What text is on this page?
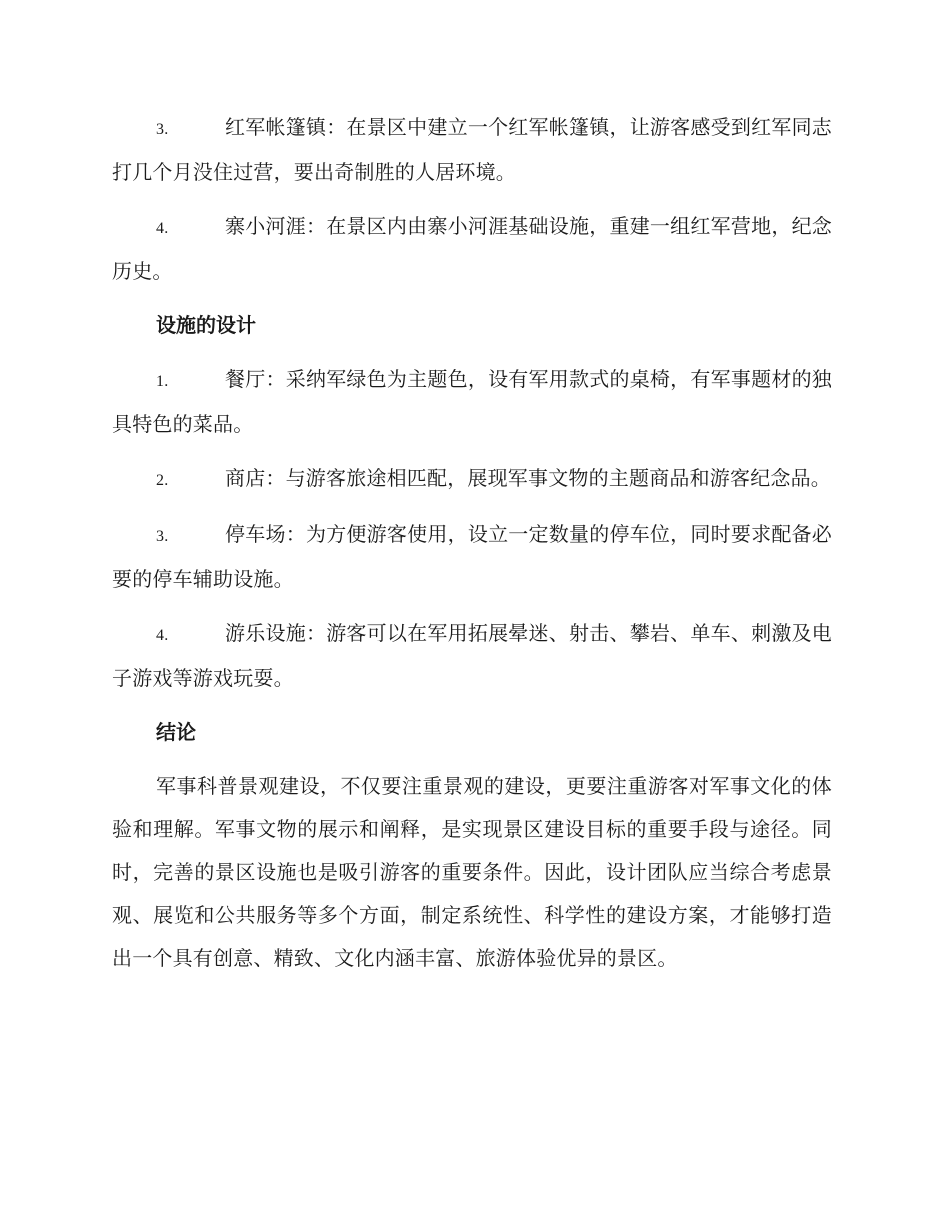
3.	红军帐篷镇：在景区中建立一个红军帐篷镇，让游客感受到红军同志打几个月没住过营，要出奇制胜的人居环境。

4.	寨小河涯：在景区内由寨小河涯基础设施，重建一组红军营地，纪念历史。

设施的设计

1.	餐厅：采纳军绿色为主题色，设有军用款式的桌椅，有军事题材的独具特色的菜品。

2.	商店：与游客旅途相匹配，展现军事文物的主题商品和游客纪念品。

3.	停车场：为方便游客使用，设立一定数量的停车位，同时要求配备必要的停车辅助设施。

4.	游乐设施：游客可以在军用拓展晕迷、射击、攀岩、单车、刺激及电子游戏等游戏玩耍。

结论

军事科普景观建设，不仅要注重景观的建设，更要注重游客对军事文化的体验和理解。军事文物的展示和阐释，是实现景区建设目标的重要手段与途径。同时，完善的景区设施也是吸引游客的重要条件。因此，设计团队应当综合考虑景观、展览和公共服务等多个方面，制定系统性、科学性的建设方案，才能够打造出一个具有创意、精致、文化内涵丰富、旅游体验优异的景区。
